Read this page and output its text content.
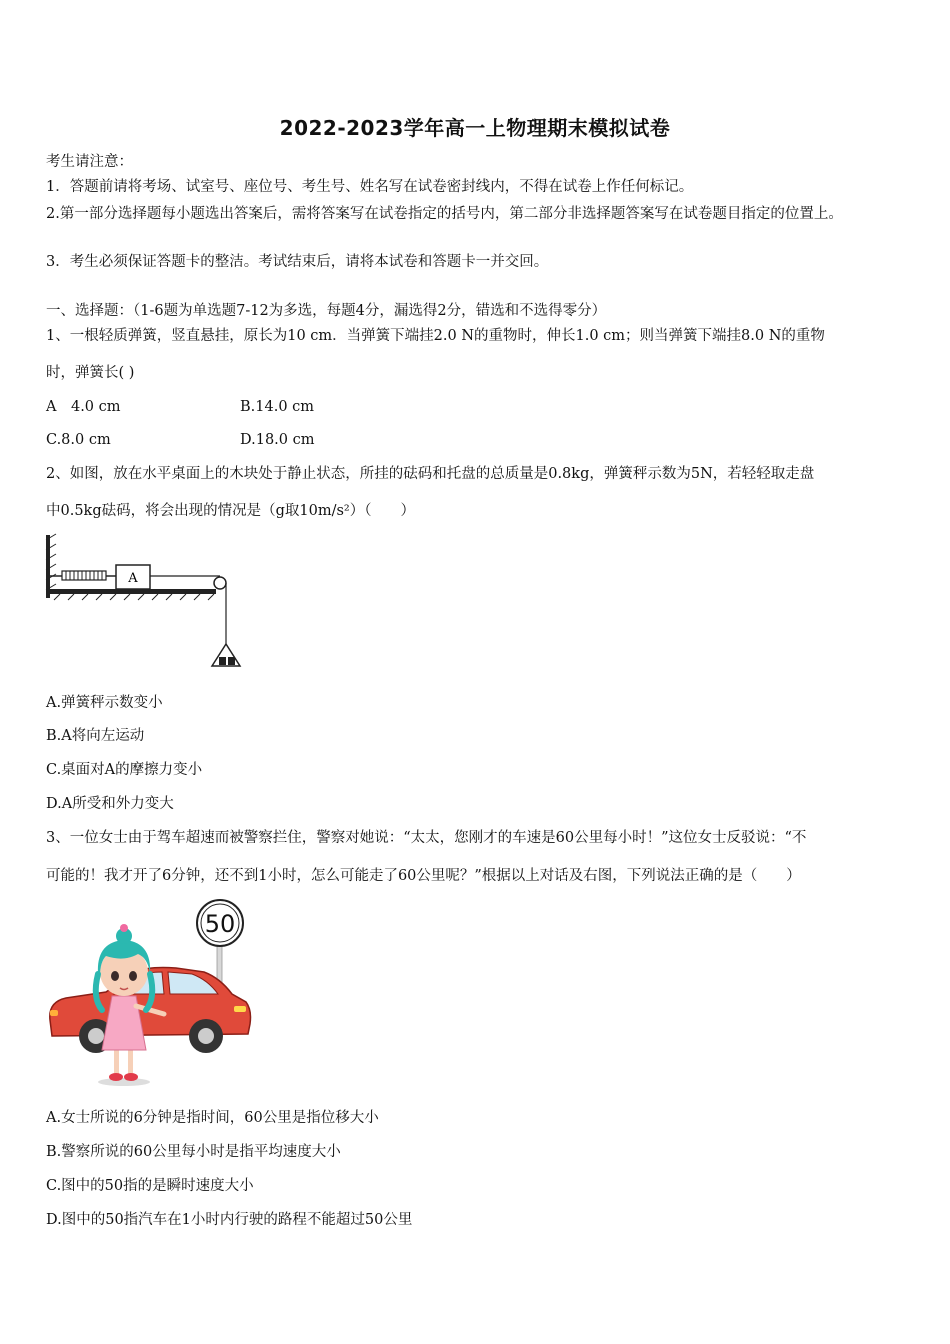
2022-2023学年高一上物理期末模拟试卷
考生请注意：
1．答题前请将考场、试室号、座位号、考生号、姓名写在试卷密封线内，不得在试卷上作任何标记。
2.第一部分选择题每小题选出答案后，需将答案写在试卷指定的括号内，第二部分非选择题答案写在试卷题目指定的位置上。
3．考生必须保证答题卡的整洁。考试结束后，请将本试卷和答题卡一并交回。
一、选择题：（1-6题为单选题7-12为多选，每题4分，漏选得2分，错选和不选得零分）
1、一根轻质弹簧，竖直悬挂，原长为10 cm．当弹簧下端挂2.0 N的重物时，伸长1.0 cm；则当弹簧下端挂8.0 N的重物
时，弹簧长( )
A　4.0 cm	B.14.0 cm
C.8.0 cm	D.18.0 cm
2、如图，放在水平桌面上的木块处于静止状态，所挂的砝码和托盘的总质量是0.8kg，弹簧秤示数为5N，若轻轻取走盘
中0.5kg砝码，将会出现的情况是（g取10m/s²）（　　）
A
A.弹簧秤示数变小
B.A将向左运动
C.桌面对A的摩擦力变小
D.A所受和外力变大
3、一位女士由于驾车超速而被警察拦住，警察对她说：“太太，您刚才的车速是60公里每小时！”这位女士反驳说：“不
可能的！我才开了6分钟，还不到1小时，怎么可能走了60公里呢？”根据以上对话及右图，下列说法正确的是（　　）
50
A.女士所说的6分钟是指时间，60公里是指位移大小
B.警察所说的60公里每小时是指平均速度大小
C.图中的50指的是瞬时速度大小
D.图中的50指汽车在1小时内行驶的路程不能超过50公里
